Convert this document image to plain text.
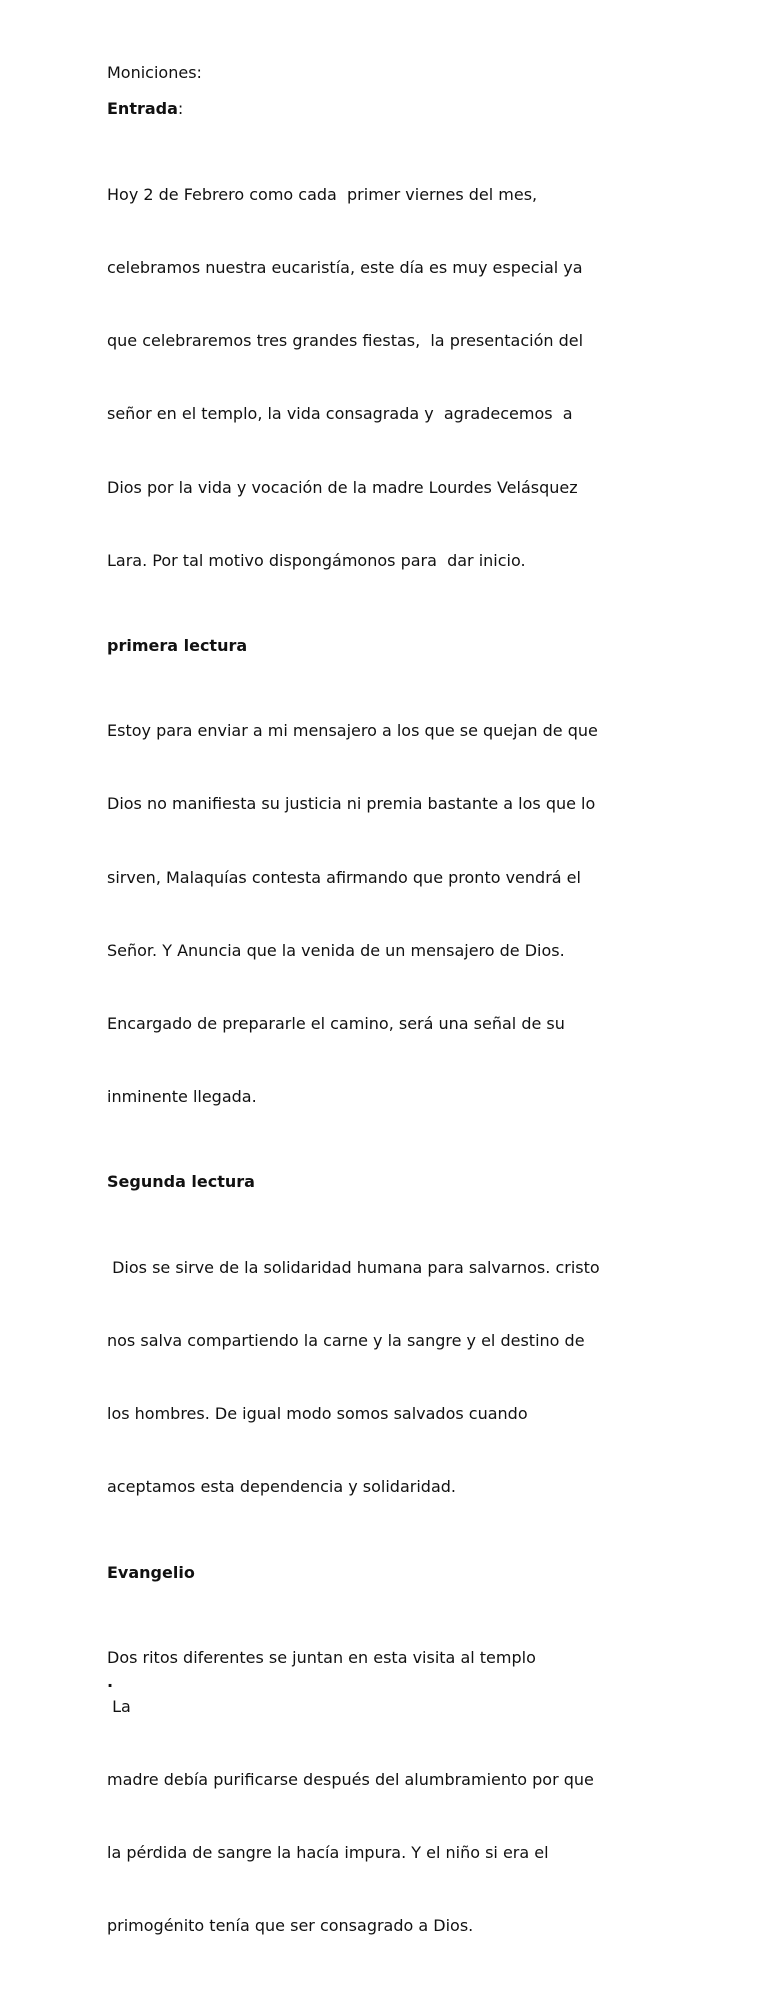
Moniciones:

Entrada:

Hoy 2 de Febrero como cada  primer viernes del mes,

celebramos nuestra eucaristía, este día es muy especial ya

que celebraremos tres grandes fiestas,  la presentación del

señor en el templo, la vida consagrada y  agradecemos  a

Dios por la vida y vocación de la madre Lourdes Velásquez

Lara. Por tal motivo dispongámonos para  dar inicio.

primera lectura

Estoy para enviar a mi mensajero a los que se quejan de que

Dios no manifiesta su justicia ni premia bastante a los que lo

sirven, Malaquías contesta afirmando que pronto vendrá el

Señor. Y Anuncia que la venida de un mensajero de Dios.

Encargado de prepararle el camino, será una señal de su

inminente llegada.

Segunda lectura

Dios se sirve de la solidaridad humana para salvarnos. cristo

nos salva compartiendo la carne y la sangre y el destino de

los hombres. De igual modo somos salvados cuando

aceptamos esta dependencia y solidaridad.

Evangelio

Dos ritos diferentes se juntan en esta visita al templo
.
La

madre debía purificarse después del alumbramiento por que

la pérdida de sangre la hacía impura. Y el niño si era el

primogénito tenía que ser consagrado a Dios.
